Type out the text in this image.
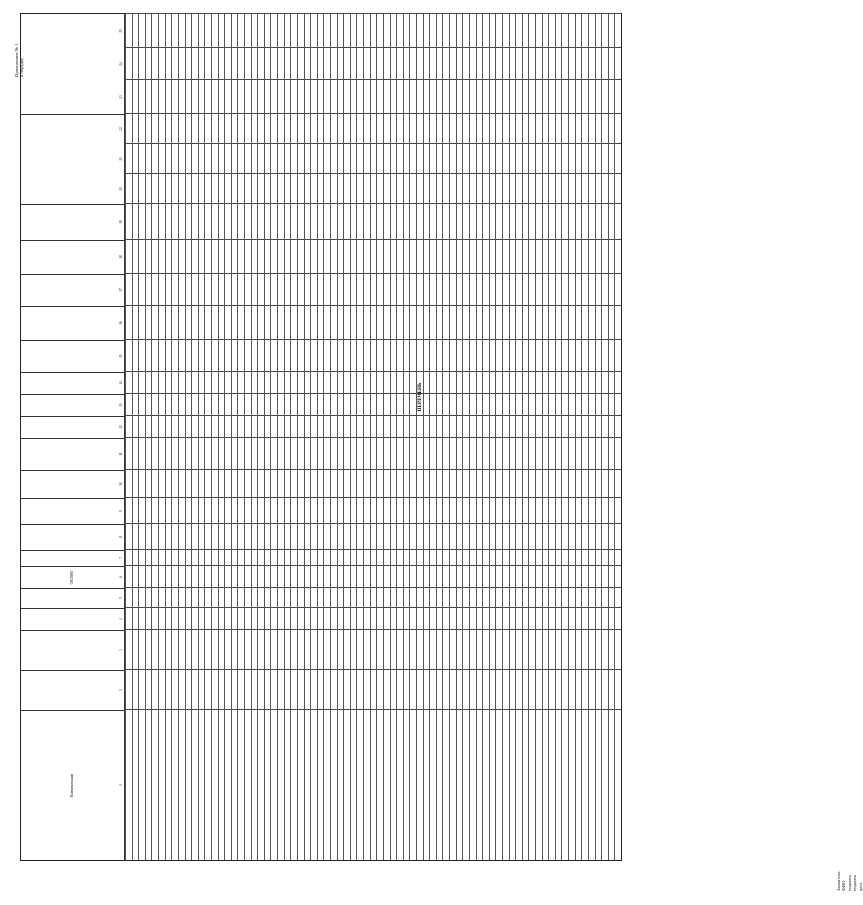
Заявитель ФИО подпись подпись дата
Приложение № 1 к порядку
ПЕРЕЧЕНЬ
Наименование
ОКТМО
1
2
3
4
5
6
7
8
9
10
11
12
13
14
15
16
17
18
19
20
21
22
23
24
25
